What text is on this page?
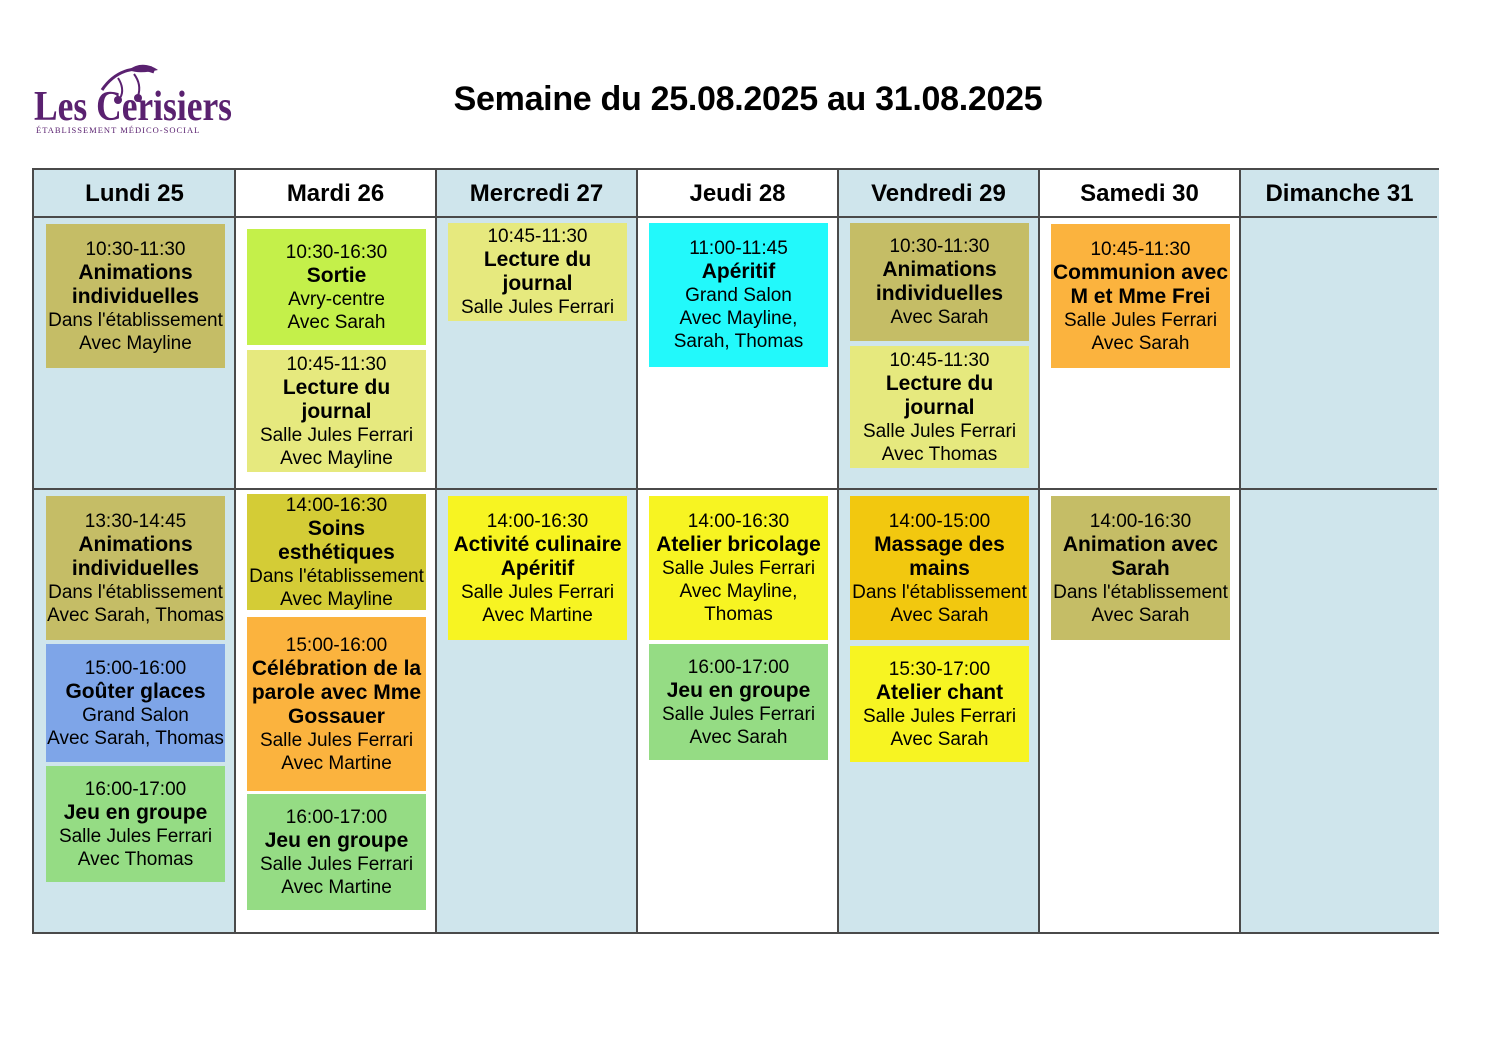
Les Cerisiers
ÉTABLISSEMENT MÉDICO-SOCIAL
Semaine du 25.08.2025 au 31.08.2025
Lundi 25
10:30-11:30
Animations individuelles
Dans l'établissement
Avec Mayline
13:30-14:45
Animations individuelles
Dans l'établissement
Avec Sarah, Thomas
15:00-16:00
Goûter glaces
Grand Salon
Avec Sarah, Thomas
16:00-17:00
Jeu en groupe
Salle Jules Ferrari
Avec Thomas
Mardi 26
10:30-16:30
Sortie
Avry-centre
Avec Sarah
10:45-11:30
Lecture du journal
Salle Jules Ferrari
Avec Mayline
14:00-16:30
Soins esthétiques
Dans l'établissement
Avec Mayline
15:00-16:00
Célébration de la parole avec Mme Gossauer
Salle Jules Ferrari
Avec Martine
16:00-17:00
Jeu en groupe
Salle Jules Ferrari
Avec Martine
Mercredi 27
10:45-11:30
Lecture du journal
Salle Jules Ferrari
14:00-16:30
Activité culinaire Apéritif
Salle Jules Ferrari
Avec Martine
Jeudi 28
11:00-11:45
Apéritif
Grand Salon
Avec Mayline, Sarah, Thomas
14:00-16:30
Atelier bricolage
Salle Jules Ferrari
Avec Mayline, Thomas
16:00-17:00
Jeu en groupe
Salle Jules Ferrari
Avec Sarah
Vendredi 29
10:30-11:30
Animations individuelles
Avec Sarah
10:45-11:30
Lecture du journal
Salle Jules Ferrari
Avec Thomas
14:00-15:00
Massage des mains
Dans l'établissement
Avec Sarah
15:30-17:00
Atelier chant
Salle Jules Ferrari
Avec Sarah
Samedi 30
10:45-11:30
Communion avec M et Mme Frei
Salle Jules Ferrari
Avec Sarah
14:00-16:30
Animation avec Sarah
Dans l'établissement
Avec Sarah
Dimanche 31
